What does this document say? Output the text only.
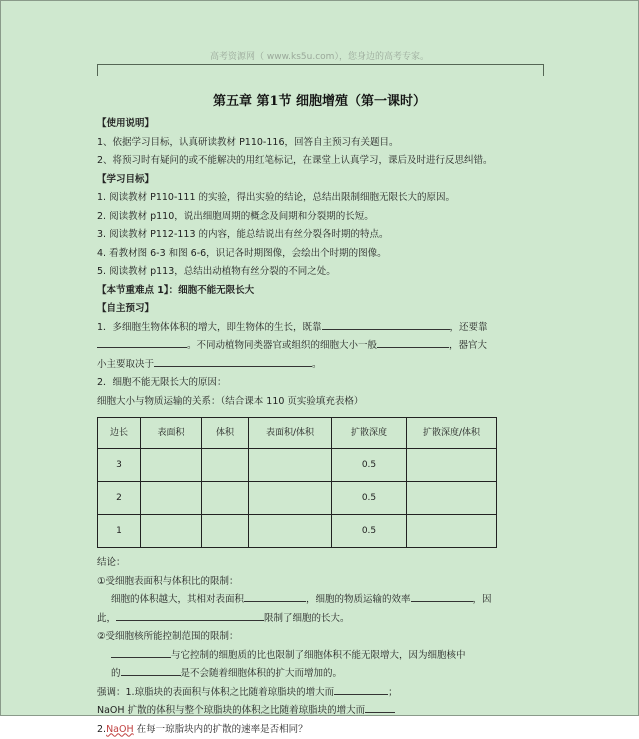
高考资源网（ www.ks5u.com），您身边的高考专家。
第五章 第1节 细胞增殖（第一课时）
【使用说明】
1、依据学习目标，认真研读教材 P110-116，回答自主预习有关题目。
2、将预习时有疑问的或不能解决的用红笔标记，在课堂上认真学习，课后及时进行反思纠错。
【学习目标】
1. 阅读教材 P110-111 的实验，得出实验的结论，总结出限制细胞无限长大的原因。
2. 阅读教材 p110，说出细胞周期的概念及间期和分裂期的长短。
3. 阅读教材 P112-113 的内容，能总结说出有丝分裂各时期的特点。
4. 看教材图 6-3 和图 6-6，识记各时期图像，会绘出个时期的图像。
5. 阅读教材 p113，总结出动植物有丝分裂的不同之处。
【本节重难点 1】：细胞不能无限长大
【自主预习】
1．多细胞生物体体积的增大，即生物体的生长，既靠	，还要靠
。不同动植物同类器官或组织的细胞大小一般	，器官大
小主要取决于	。
2．细胞不能无限长大的原因：
细胞大小与物质运输的关系：（结合课本 110 页实验填充表格）
边长	表面积	体积	表面积/体积	扩散深度	扩散深度/体积
3				0.5	
2				0.5	
1				0.5	
结论：
①受细胞表面积与体积比的限制：
细胞的体积越大，其相对表面积	，细胞的物质运输的效率	，因
此，	限制了细胞的长大。
②受细胞核所能控制范围的限制：
与它控制的细胞质的比也限制了细胞体积不能无限增大，因为细胞核中
的	是不会随着细胞体积的扩大而增加的。
强调：1.琼脂块的表面积与体积之比随着琼脂块的增大而	；
NaOH 扩散的体积与整个琼脂块的体积之比随着琼脂块的增大而
2.NaOH 在每一琼脂块内的扩散的速率是否相同？
